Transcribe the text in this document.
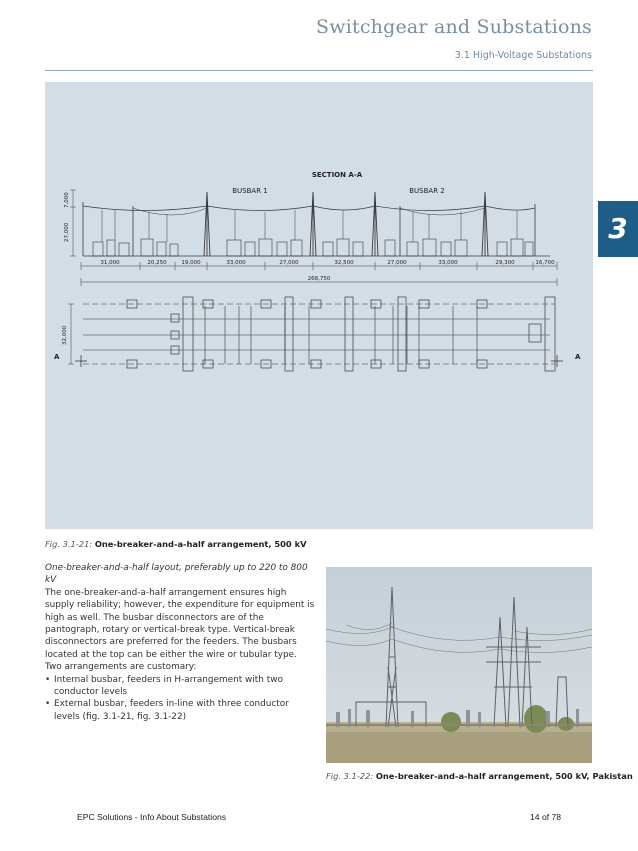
Switchgear and Substations
3.1 High-Voltage Substations
3
SECTION A-A
BUSBAR 1	BUSBAR 2
7,000
27,000
32,000
A	A
31,000	20,250	19,000	33,000	27,000	32,500	27,000	33,000	29,300	16,700
268,750
Fig. 3.1-21: One-breaker-and-a-half arrangement, 500 kV

One-breaker-and-a-half layout, preferably up to 220 to 800 kV

The one-breaker-and-a-half arrangement ensures high supply reliability; however, the expenditure for equipment is high as well. The busbar disconnectors are of the pantograph, rotary or vertical-break type. Vertical-break disconnectors are preferred for the feeders. The busbars located at the top can be either the wire or tubular type. Two arrangements are customary:

• Internal busbar, feeders in H-arrangement with two conductor levels
• External busbar, feeders in-line with three conductor levels (fig. 3.1-21, fig. 3.1-22)
Fig. 3.1-22: One-breaker-and-a-half arrangement, 500 kV, Pakistan
EPC Solutions - Info About Substations	14 of 78
